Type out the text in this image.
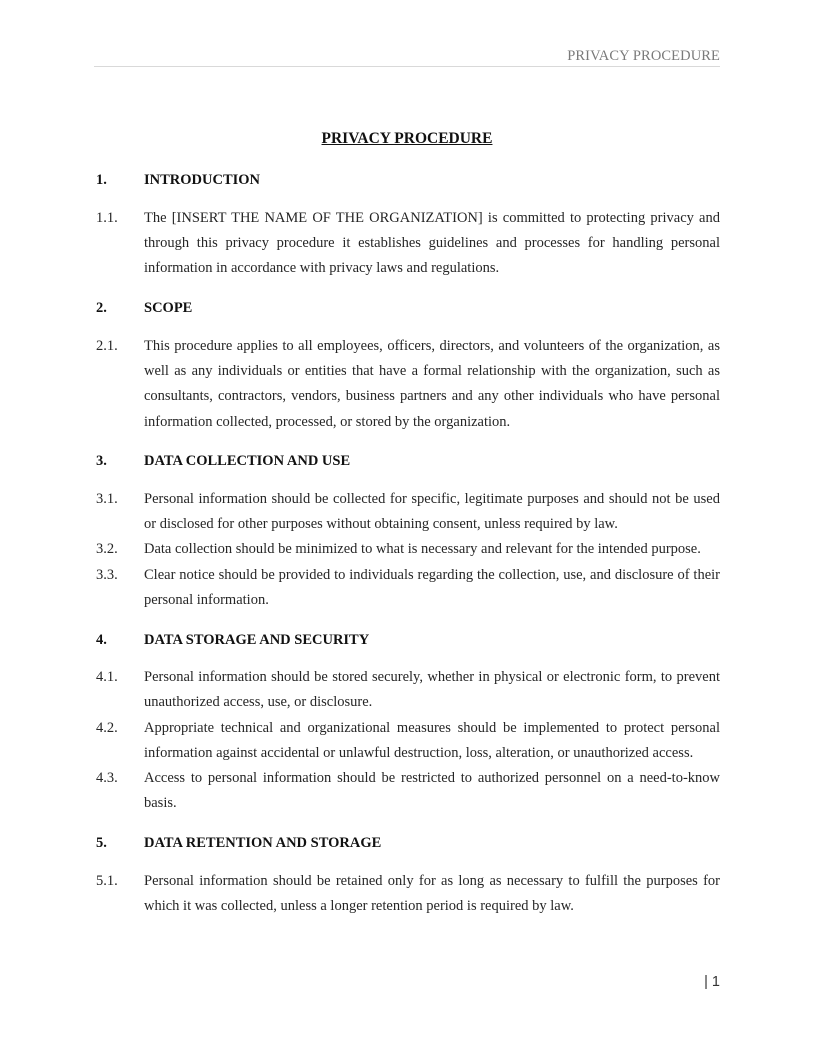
PRIVACY PROCEDURE
PRIVACY PROCEDURE
1.	INTRODUCTION
1.1. The [INSERT THE NAME OF THE ORGANIZATION] is committed to protecting privacy and through this privacy procedure it establishes guidelines and processes for handling personal information in accordance with privacy laws and regulations.
2.	SCOPE
2.1. This procedure applies to all employees, officers, directors, and volunteers of the organization, as well as any individuals or entities that have a formal relationship with the organization, such as consultants, contractors, vendors, business partners and any other individuals who have personal information collected, processed, or stored by the organization.
3.	DATA COLLECTION AND USE
3.1. Personal information should be collected for specific, legitimate purposes and should not be used or disclosed for other purposes without obtaining consent, unless required by law.
3.2. Data collection should be minimized to what is necessary and relevant for the intended purpose.
3.3. Clear notice should be provided to individuals regarding the collection, use, and disclosure of their personal information.
4.	DATA STORAGE AND SECURITY
4.1. Personal information should be stored securely, whether in physical or electronic form, to prevent unauthorized access, use, or disclosure.
4.2. Appropriate technical and organizational measures should be implemented to protect personal information against accidental or unlawful destruction, loss, alteration, or unauthorized access.
4.3. Access to personal information should be restricted to authorized personnel on a need-to-know basis.
5.	DATA RETENTION AND STORAGE
5.1. Personal information should be retained only for as long as necessary to fulfill the purposes for which it was collected, unless a longer retention period is required by law.
| 1
